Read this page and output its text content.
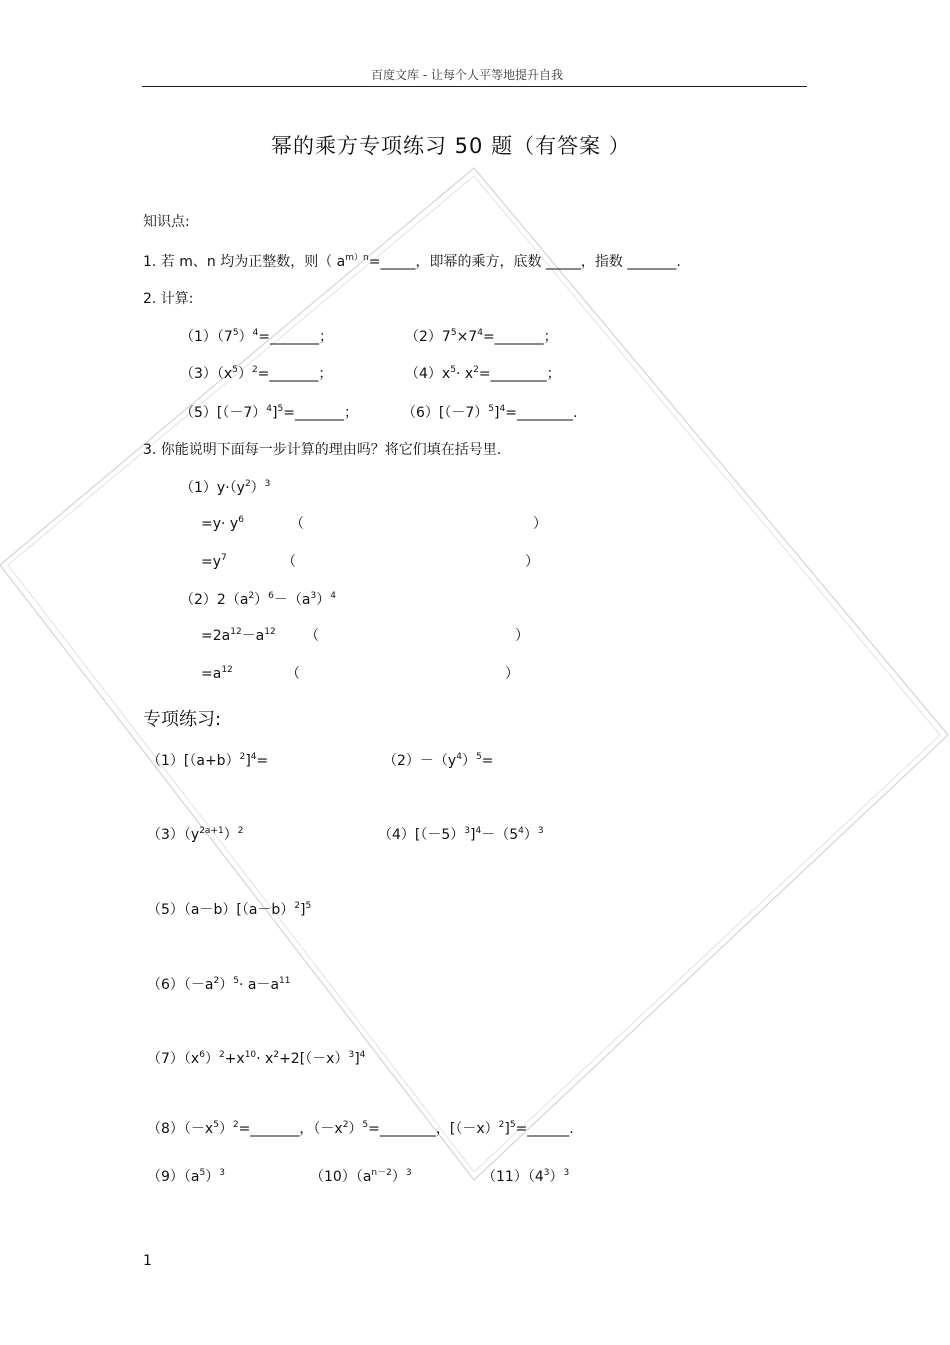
百度文库 - 让每个人平等地提升自我
幂的乘方专项练习 50 题（有答案 ）
知识点:
1. 若 m、n 均为正整数，则（ $a^{m)n}=\_\_\_\_\_$，即幂的乘方，底数 _____，指数 _______.
2. 计算:
$(1)(7^5)^4=\_\_\_\_\_\_\_$；	$(2)7^5\times 7^4=\_\_\_\_\_\_\_$；
$(3)(x^5)^2=\_\_\_\_\_\_\_$；	$(4)x^5\cdot$ $x^2=\_\_\_\_\_\_\_\_$；
$(5)[(-7)^4]^5=\_\_\_\_\_\_\_$；	$(6)[(-7)^5]^4=\_\_\_\_\_\_\_\_$.
3. 你能说明下面每一步计算的理由吗？将它们填在括号里.
$(1)y\cdot(y^2)^3$
$=y\cdot y^6$	（	）
$=y^7$	（	）
$(2)2(a^2)^6-(a^3)^4$
$=2a^{12}-a^{12}$ （	）
$=a^{12}$	（	）
专项练习:
$(1)[(a+b)^2]^4=$	$(2)-(y^4)^5=$
$(3)(y^{2a+1})^2$	$(4)[(-5)^3]^4-(5^4)^3$
$(5)(a-b)[(a-b)^2]^5$
$(6)(-a^2)^5\cdot a-a^{11}$
$(7)(x^6)^2+x^{10}\cdot x^2+2[(-x)^3]^4$
$(8)(-x^5)^2=\_\_\_\_\_\_\_$，$(-x^2)^5=\_\_\_\_\_\_\_\_$，$[(-x)^2]^5=\_\_\_\_\_\_$.
$(9)(a^5)^3$	$(10)(a^{n-2})^3$	$(11)(4^3)^3$
1
